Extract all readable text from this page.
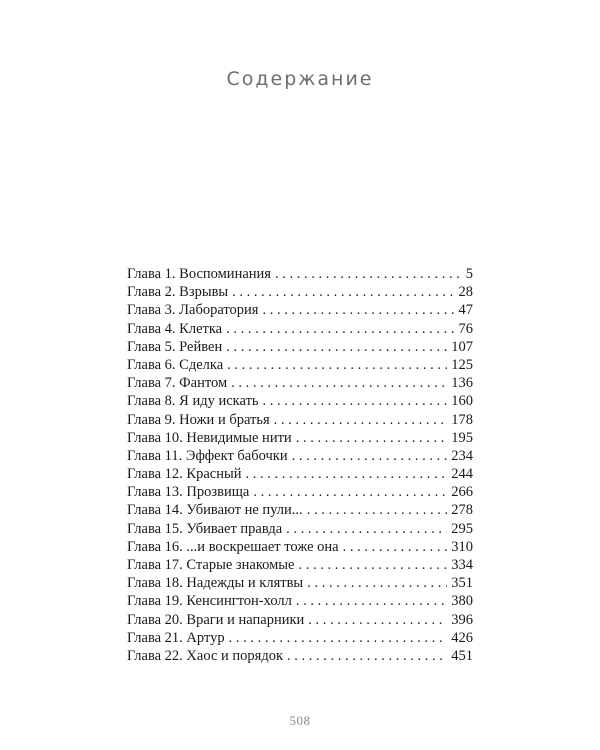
Содержание
Глава 1. Воспоминания . . .	5
Глава 2. Взрывы . . .	28
Глава 3. Лаборатория . . .	47
Глава 4. Клетка . . .	76
Глава 5. Рейвен . . .	107
Глава 6. Сделка . . .	125
Глава 7. Фантом . . .	136
Глава 8. Я иду искать . . .	160
Глава 9. Ножи и братья . . .	178
Глава 10. Невидимые нити . . .	195
Глава 11. Эффект бабочки . . .	234
Глава 12. Красный . . .	244
Глава 13. Прозвища . . .	266
Глава 14. Убивают не пули... . . .	278
Глава 15. Убивает правда . . .	295
Глава 16. ...и воскрешает тоже она . . .	310
Глава 17. Старые знакомые . . .	334
Глава 18. Надежды и клятвы . . .	351
Глава 19. Кенсингтон-холл . . .	380
Глава 20. Враги и напарники . . .	396
Глава 21. Артур . . .	426
Глава 22. Хаос и порядок . . .	451
508
